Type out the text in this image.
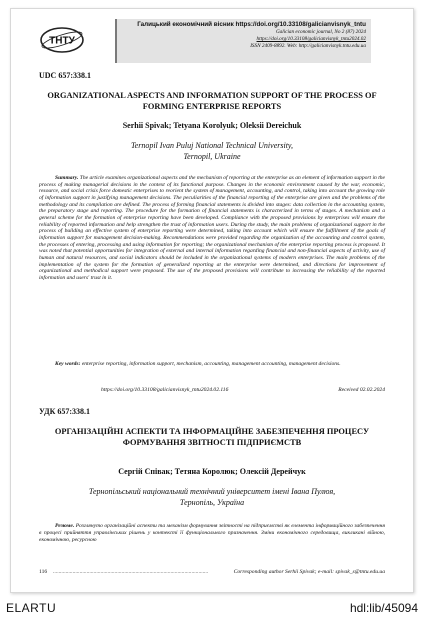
ТНТУ
Галицький економічний вісник https://doi.org/10.33108/galicianvisnyk_tntu
Galician economic journal, No 2 (87) 2024
https://doi.org/10.33108/galicianvisnyk_tntu2024.02
ISSN 2409-8892. Web: http://galicianvisnyk.tntu.edu.ua
UDC 657:338.1
ORGANIZATIONAL ASPECTS AND INFORMATION SUPPORT OF THE PROCESS OF FORMING ENTERPRISE REPORTS
Serhii Spivak; Tetyana Korolyuk; Oleksii Dereichuk
Ternopil Ivan Puluj National Technical University,
Ternopil, Ukraine
Summary. The article examines organizational aspects and the mechanism of reporting at the enterprise as an element of information support in the process of making managerial decisions in the context of its functional purpose. Changes in the economic environment caused by the war, economic, resource, and social crisis force domestic enterprises to reorient the system of management, accounting, and control, taking into account the growing role of information support in justifying management decisions. The peculiarities of the financial reporting of the enterprise are given and the problems of the methodology and its compilation are defined. The process of forming financial statements is divided into stages: data collection in the accounting system, the preparatory stage and reporting. The procedure for the formation of financial statements is characterized in terms of stages. A mechanism and a general scheme for the formation of enterprise reporting have been developed. Compliance with the proposed provisions by enterprises will ensure the reliability of reported information and help strengthen the trust of information users. During the study, the main problems of organizational support in the process of building an effective system of enterprise reporting were determined, taking into account which will ensure the fulfillment of the goals of information support for management decision-making. Recommendations were provided regarding the organization of the accounting and control system, the processes of entering, processing and using information for reporting; the organizational mechanism of the enterprise reporting process is proposed. It was noted that potential opportunities for integration of external and internal information regarding financial and non-financial aspects of activity, use of human and natural resources, and social indicators should be included in the organizational systems of modern enterprises. The main problems of the implementation of the system for the formation of generalized reporting at the enterprise were determined, and directions for improvement of organizational and methodical support were proposed. The use of the proposed provisions will contribute to increasing the reliability of the reported information and users' trust in it.
Key words: enterprise reporting, information support, mechanism, accounting, management accounting, management decisions.
https://doi.org/10.33108/galicianvisnyk_tntu2024.02.116	Received 02.02.2024
УДК 657:338.1
ОРГАНІЗАЦІЙНІ АСПЕКТИ ТА ІНФОРМАЦІЙНЕ ЗАБЕЗПЕЧЕННЯ ПРОЦЕСУ ФОРМУВАННЯ ЗВІТНОСТІ ПІДПРИЄМСТВ
Сергій Співак; Тетяна Королюк; Олексій Дерейчук
Тернопільський національний технічний університет імені Івана Пулюя,
Тернопіль, Україна
Резюме. Розглянуто організаційні аспекти та механізм формування звітності на підприємстві як елемента інформаційного забезпечення в процесі прийняття управлінських рішень у контексті її функціонального призначення. Зміни економічного середовища, викликані війною, економічною, ресурсною
116 ...............................................................................................................	Corresponding author Serhii Spivak; e-mail: spivak_s@tntu.edu.ua
ELARTU	hdl:lib/45094
